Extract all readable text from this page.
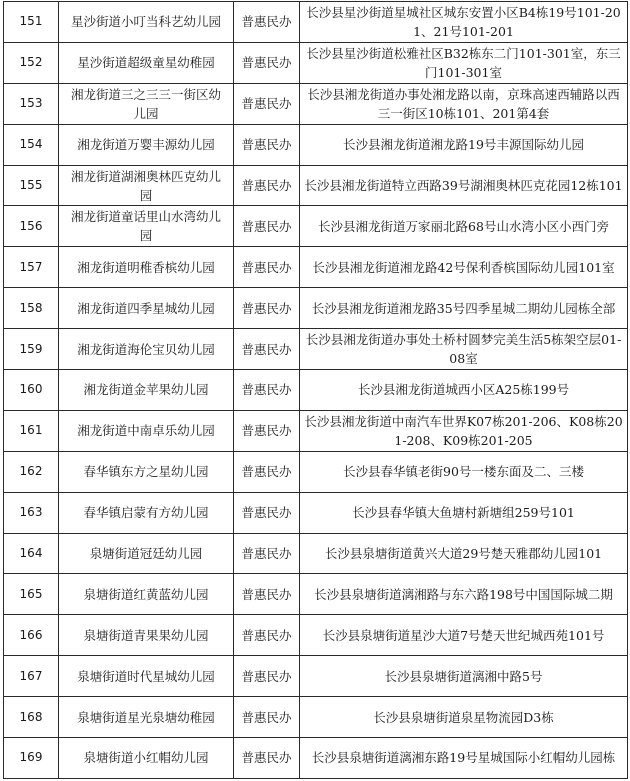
151	星沙街道小叮当科艺幼儿园	普惠民办	长沙县星沙街道星城社区城东安置小区B4栋19号101-201、21号101-201
152	星沙街道超级童星幼稚园	普惠民办	长沙县星沙街道松雅社区B32栋东二门101-301室，东三门101-301室
153	湘龙街道三之三三一街区幼儿园	普惠民办	长沙县湘龙街道办事处湘龙路以南，京珠高速西辅路以西三一街区10栋101、201第4套
154	湘龙街道万婴丰源幼儿园	普惠民办	长沙县湘龙街道湘龙路19号丰源国际幼儿园
155	湘龙街道湖湘奥林匹克幼儿园	普惠民办	长沙县湘龙街道特立西路39号湖湘奥林匹克花园12栋101
156	湘龙街道童话里山水湾幼儿园	普惠民办	长沙县湘龙街道万家丽北路68号山水湾小区小西门旁
157	湘龙街道明稚香槟幼儿园	普惠民办	长沙县湘龙街道湘龙路42号保利香槟国际幼儿园101室
158	湘龙街道四季星城幼儿园	普惠民办	长沙县湘龙街道湘龙路35号四季星城二期幼儿园栋全部
159	湘龙街道海伦宝贝幼儿园	普惠民办	长沙县湘龙街道办事处土桥村圆梦完美生活5栋架空层01-08室
160	湘龙街道金苹果幼儿园	普惠民办	长沙县湘龙街道城西小区A25栋199号
161	湘龙街道中南卓乐幼儿园	普惠民办	长沙县湘龙街道中南汽车世界K07栋201-206、K08栋201-208、K09栋201-205
162	春华镇东方之星幼儿园	普惠民办	长沙县春华镇老街90号一楼东面及二、三楼
163	春华镇启蒙有方幼儿园	普惠民办	长沙县春华镇大鱼塘村新塘组259号101
164	泉塘街道冠廷幼儿园	普惠民办	长沙县泉塘街道黄兴大道29号楚天雅郡幼儿园101
165	泉塘街道红黄蓝幼儿园	普惠民办	长沙县泉塘街道漓湘路与东六路198号中国国际城二期
166	泉塘街道青果果幼儿园	普惠民办	长沙县泉塘街道星沙大道7号楚天世纪城西苑101号
167	泉塘街道时代星城幼儿园	普惠民办	长沙县泉塘街道漓湘中路5号
168	泉塘街道星光泉塘幼稚园	普惠民办	长沙县泉塘街道泉星物流园D3栋
169	泉塘街道小红帽幼儿园	普惠民办	长沙县泉塘街道漓湘东路19号星城国际小红帽幼儿园栋
